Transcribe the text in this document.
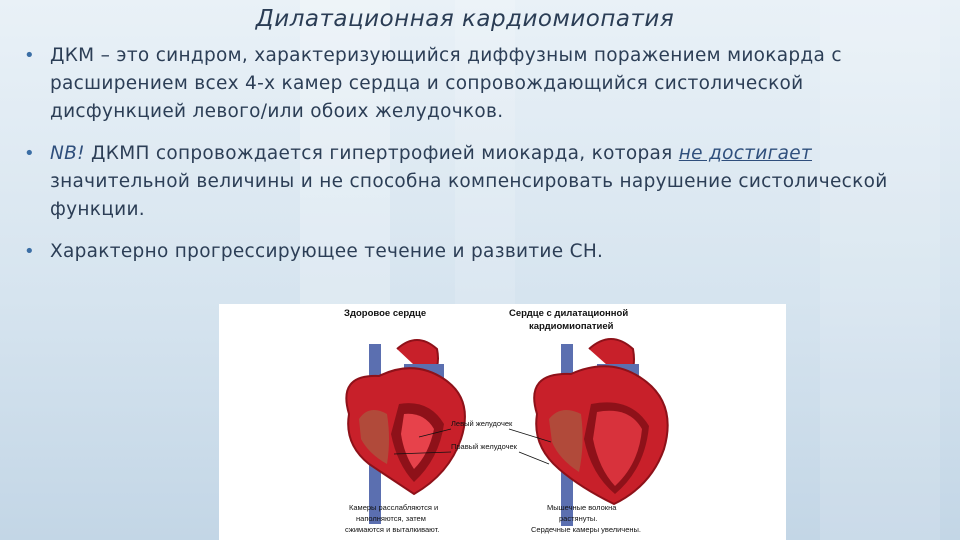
Дилатационная кардиомиопатия
• ДКМ – это синдром, характеризующийся диффузным поражением миокарда с расширением всех 4-х камер сердца и сопровождающийся систолической дисфункцией левого/или обоих желудочков.
• NB! ДКМП сопровождается гипертрофией миокарда, которая не достигает значительной величины и не способна компенсировать нарушение систолической функции.
• Характерно прогрессирующее течение и развитие СН.
Здоровое сердце	Сердце с дилатационной
кардиомиопатией
Левый желудочек
Правый желудочек
Камеры расслабляются и
наполняются, затем
сжимаются и выталкивают.
Мышечные волокна
растянуты.
Сердечные камеры увеличены.
